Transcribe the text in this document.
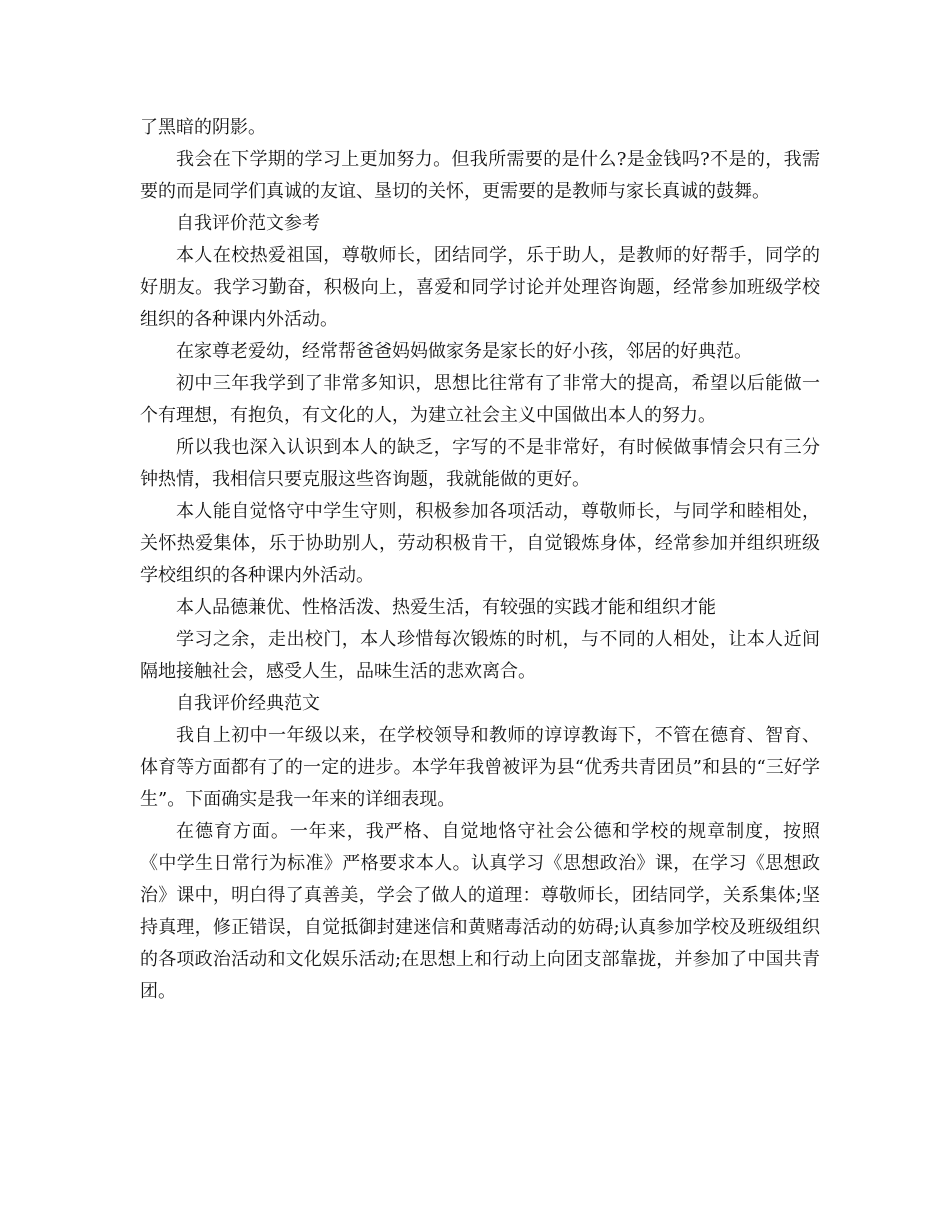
了黑暗的阴影。

我会在下学期的学习上更加努力。但我所需要的是什么?是金钱吗?不是的，我需要的而是同学们真诚的友谊、垦切的关怀，更需要的是教师与家长真诚的鼓舞。

自我评价范文参考

本人在校热爱祖国，尊敬师长，团结同学，乐于助人，是教师的好帮手，同学的好朋友。我学习勤奋，积极向上，喜爱和同学讨论并处理咨询题，经常参加班级学校组织的各种课内外活动。

在家尊老爱幼，经常帮爸爸妈妈做家务是家长的好小孩，邻居的好典范。

初中三年我学到了非常多知识，思想比往常有了非常大的提高，希望以后能做一个有理想，有抱负，有文化的人，为建立社会主义中国做出本人的努力。

所以我也深入认识到本人的缺乏，字写的不是非常好，有时候做事情会只有三分钟热情，我相信只要克服这些咨询题，我就能做的更好。

本人能自觉恪守中学生守则，积极参加各项活动，尊敬师长，与同学和睦相处，关怀热爱集体，乐于协助别人，劳动积极肯干，自觉锻炼身体，经常参加并组织班级学校组织的各种课内外活动。

本人品德兼优、性格活泼、热爱生活，有较强的实践才能和组织才能

学习之余，走出校门，本人珍惜每次锻炼的时机，与不同的人相处，让本人近间隔地接触社会，感受人生，品味生活的悲欢离合。

自我评价经典范文

我自上初中一年级以来，在学校领导和教师的谆谆教诲下，不管在德育、智育、体育等方面都有了的一定的进步。本学年我曾被评为县“优秀共青团员”和县的“三好学生”。下面确实是我一年来的详细表现。

在德育方面。一年来，我严格、自觉地恪守社会公德和学校的规章制度，按照《中学生日常行为标准》严格要求本人。认真学习《思想政治》课，在学习《思想政治》课中，明白得了真善美，学会了做人的道理：尊敬师长，团结同学，关系集体;坚持真理，修正错误，自觉抵御封建迷信和黄赌毒活动的妨碍;认真参加学校及班级组织的各项政治活动和文化娱乐活动;在思想上和行动上向团支部靠拢，并参加了中国共青团。
